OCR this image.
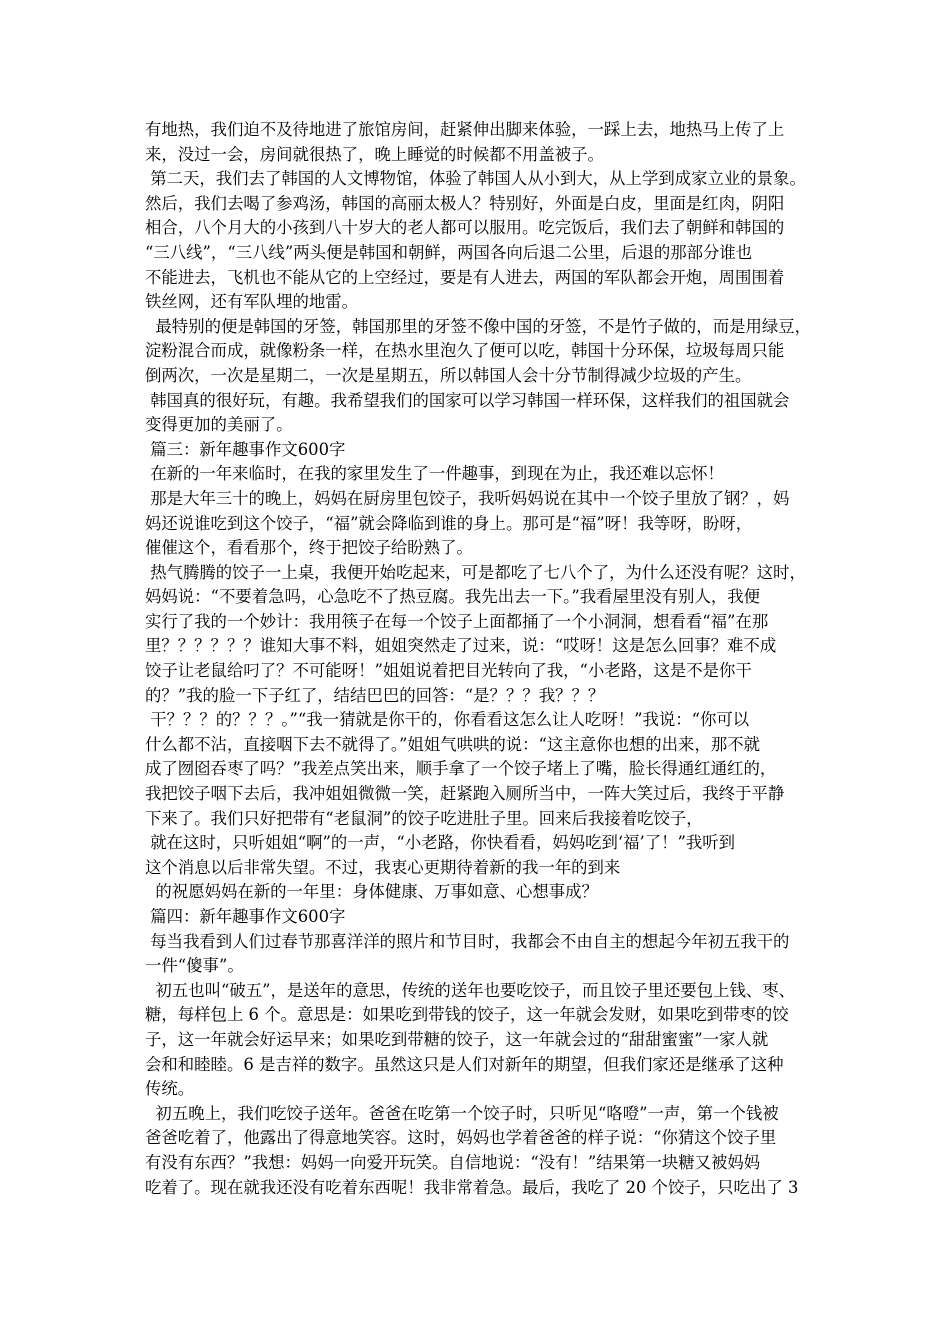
有地热，我们迫不及待地进了旅馆房间，赶紧伸出脚来体验，一踩上去，地热马上传了上
来，没过一会，房间就很热了，晚上睡觉的时候都不用盖被子。
第二天，我们去了韩国的人文博物馆，体验了韩国人从小到大，从上学到成家立业的景象。
然后，我们去喝了参鸡汤，韩国的高丽太极人？特别好，外面是白皮，里面是红肉，阴阳
相合，八个月大的小孩到八十岁大的老人都可以服用。吃完饭后，我们去了朝鲜和韩国的
“三八线”，“三八线”两头便是韩国和朝鲜，两国各向后退二公里，后退的那部分谁也
不能进去，飞机也不能从它的上空经过，要是有人进去，两国的军队都会开炮，周围围着
铁丝网，还有军队埋的地雷。
最特别的便是韩国的牙签，韩国那里的牙签不像中国的牙签，不是竹子做的，而是用绿豆，
淀粉混合而成，就像粉条一样，在热水里泡久了便可以吃，韩国十分环保，垃圾每周只能
倒两次，一次是星期二，一次是星期五，所以韩国人会十分节制得减少垃圾的产生。
韩国真的很好玩，有趣。我希望我们的国家可以学习韩国一样环保，这样我们的祖国就会
变得更加的美丽了。
篇三：新年趣事作文600字
在新的一年来临时，在我的家里发生了一件趣事，到现在为止，我还难以忘怀！
那是大年三十的晚上，妈妈在厨房里包饺子，我听妈妈说在其中一个饺子里放了钢？，妈
妈还说谁吃到这个饺子，“福”就会降临到谁的身上。那可是“福”呀！我等呀，盼呀，
催催这个，看看那个，终于把饺子给盼熟了。
热气腾腾的饺子一上桌，我便开始吃起来，可是都吃了七八个了，为什么还没有呢？这时，
妈妈说：“不要着急吗，心急吃不了热豆腐。我先出去一下。”我看屋里没有别人，我便
实行了我的一个妙计：我用筷子在每一个饺子上面都捅了一个小洞洞，想看看“福”在那
里？？？？？？谁知大事不料，姐姐突然走了过来，说：“哎呀！这是怎么回事？难不成
饺子让老鼠给叼了？不可能呀！”姐姐说着把目光转向了我，“小老路，这是不是你干
的？”我的脸一下子红了，结结巴巴的回答：“是？？？我？？？
干？？？的？？？。”“我一猜就是你干的，你看看这怎么让人吃呀！”我说：“你可以
什么都不沾，直接咽下去不就得了。”姐姐气哄哄的说：“这主意你也想的出来，那不就
成了囫囵吞枣了吗？”我差点笑出来，顺手拿了一个饺子堵上了嘴，脸长得通红通红的，
我把饺子咽下去后，我冲姐姐微微一笑，赶紧跑入厕所当中，一阵大笑过后，我终于平静
下来了。我们只好把带有“老鼠洞”的饺子吃进肚子里。回来后我接着吃饺子，
就在这时，只听姐姐“啊”的一声，“小老路，你快看看，妈妈吃到‘福’了！”我听到
这个消息以后非常失望。不过，我衷心更期待着新的我一年的到来
的祝愿妈妈在新的一年里：身体健康、万事如意、心想事成？
篇四：新年趣事作文600字
每当我看到人们过春节那喜洋洋的照片和节目时，我都会不由自主的想起今年初五我干的
一件“傻事”。
初五也叫“破五”，是送年的意思，传统的送年也要吃饺子，而且饺子里还要包上钱、枣、
糖，每样包上 6 个。意思是：如果吃到带钱的饺子，这一年就会发财，如果吃到带枣的饺
子，这一年就会好运早来；如果吃到带糖的饺子，这一年就会过的“甜甜蜜蜜”一家人就
会和和睦睦。6 是吉祥的数字。虽然这只是人们对新年的期望，但我们家还是继承了这种
传统。
初五晚上，我们吃饺子送年。爸爸在吃第一个饺子时，只听见“咯噔”一声，第一个钱被
爸爸吃着了，他露出了得意地笑容。这时，妈妈也学着爸爸的样子说：“你猜这个饺子里
有没有东西？”我想：妈妈一向爱开玩笑。自信地说：“没有！”结果第一块糖又被妈妈
吃着了。现在就我还没有吃着东西呢！我非常着急。最后，我吃了 20 个饺子，只吃出了 3
